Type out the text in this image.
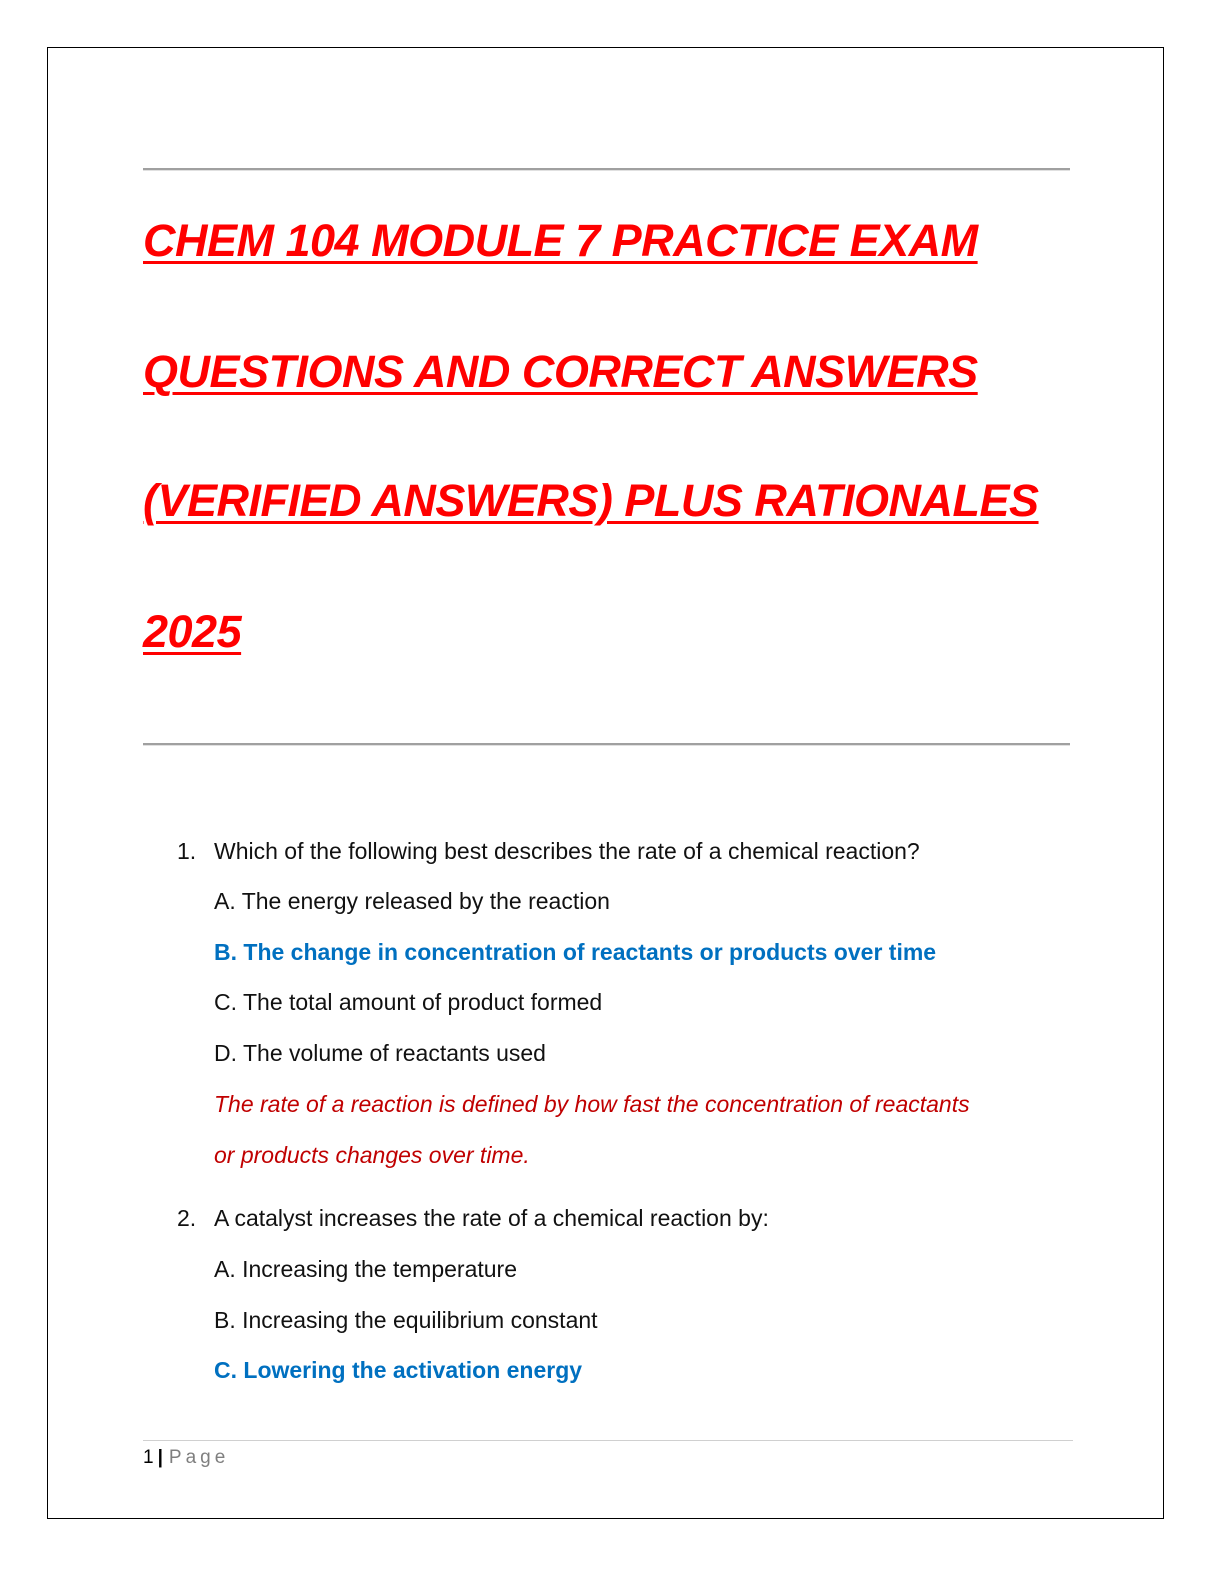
CHEM 104 MODULE 7 PRACTICE EXAM
QUESTIONS AND CORRECT ANSWERS
(VERIFIED ANSWERS) PLUS RATIONALES
2025
1. Which of the following best describes the rate of a chemical reaction?
A. The energy released by the reaction
B. The change in concentration of reactants or products over time
C. The total amount of product formed
D. The volume of reactants used
The rate of a reaction is defined by how fast the concentration of reactants
or products changes over time.
2. A catalyst increases the rate of a chemical reaction by:
A. Increasing the temperature
B. Increasing the equilibrium constant
C. Lowering the activation energy
1 | Page
